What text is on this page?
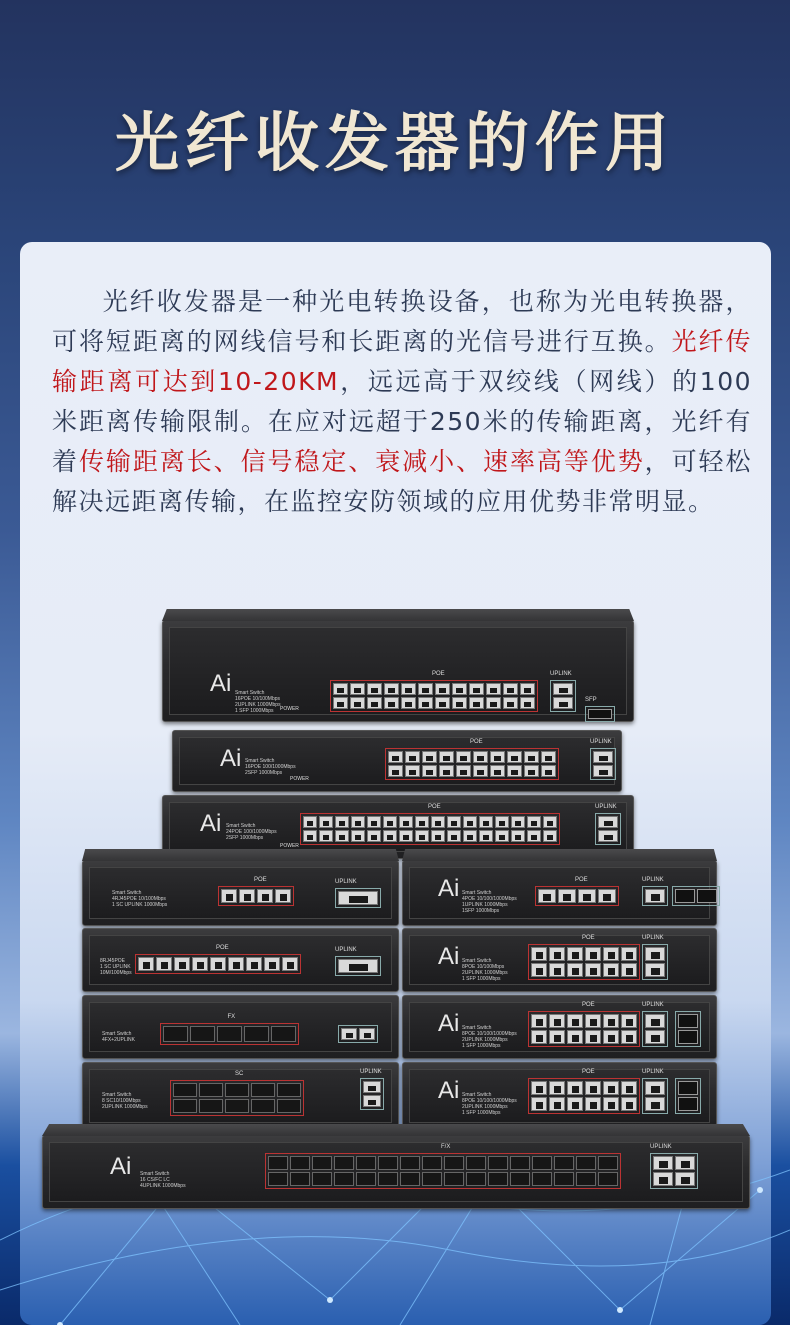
光纤收发器的作用
光纤收发器是一种光电转换设备，也称为光电转换器，可将短距离的网线信号和长距离的光信号进行互换。光纤传输距离可达到10-20KM，远远高于双绞线（网线）的100米距离传输限制。在应对远超于250米的传输距离，光纤有着传输距离长、信号稳定、衰减小、速率高等优势，可轻松解决远距离传输，在监控安防领域的应用优势非常明显。
Ai Smart Switch
16POE 10/100Mbps
2UPLINK 1000Mbps
1 SFP 1000Mbps
POE	UPLINK
SFP
POWER
Ai Smart Switch
16POE 100/1000Mbps
2SFP 1000Mbps
POE	UPLINK
POWER
Ai Smart Switch
24POE 100/1000Mbps
2SFP 1000Mbps
POE	UPLINK
POWER
Smart Switch
4RJ45POE 10/100Mbps
1 SC UPLINK 1000Mbps
POE	UPLINK
8RJ45POE
1 SC UPLINK
10M/100Mbps
POE	UPLINK
Smart Switch
4FX+2UPLINK
FX
Smart Switch
8 SC10/100Mbps
2UPLINK 1000Mbps
SC	UPLINK
Ai Smart Switch
4POE 10/100/1000Mbps
1UPLINK 1000Mbps
1SFP 1000Mbps
POE	UPLINK
Ai Smart Switch
8POE 10/100Mbps
2UPLINK 1000Mbps
1 SFP 1000Mbps
POE	UPLINK
Ai Smart Switch
8POE 10/100/1000Mbps
2UPLINK 1000Mbps
1 SFP 1000Mbps
POE	UPLINK
Ai Smart Switch
8POE 10/100/1000Mbps
2UPLINK 1000Mbps
1 SFP 1000Mbps
POE	UPLINK
Ai Smart Switch
16 CS/FC LC
4UPLINK 1000Mbps
F/X	UPLINK
